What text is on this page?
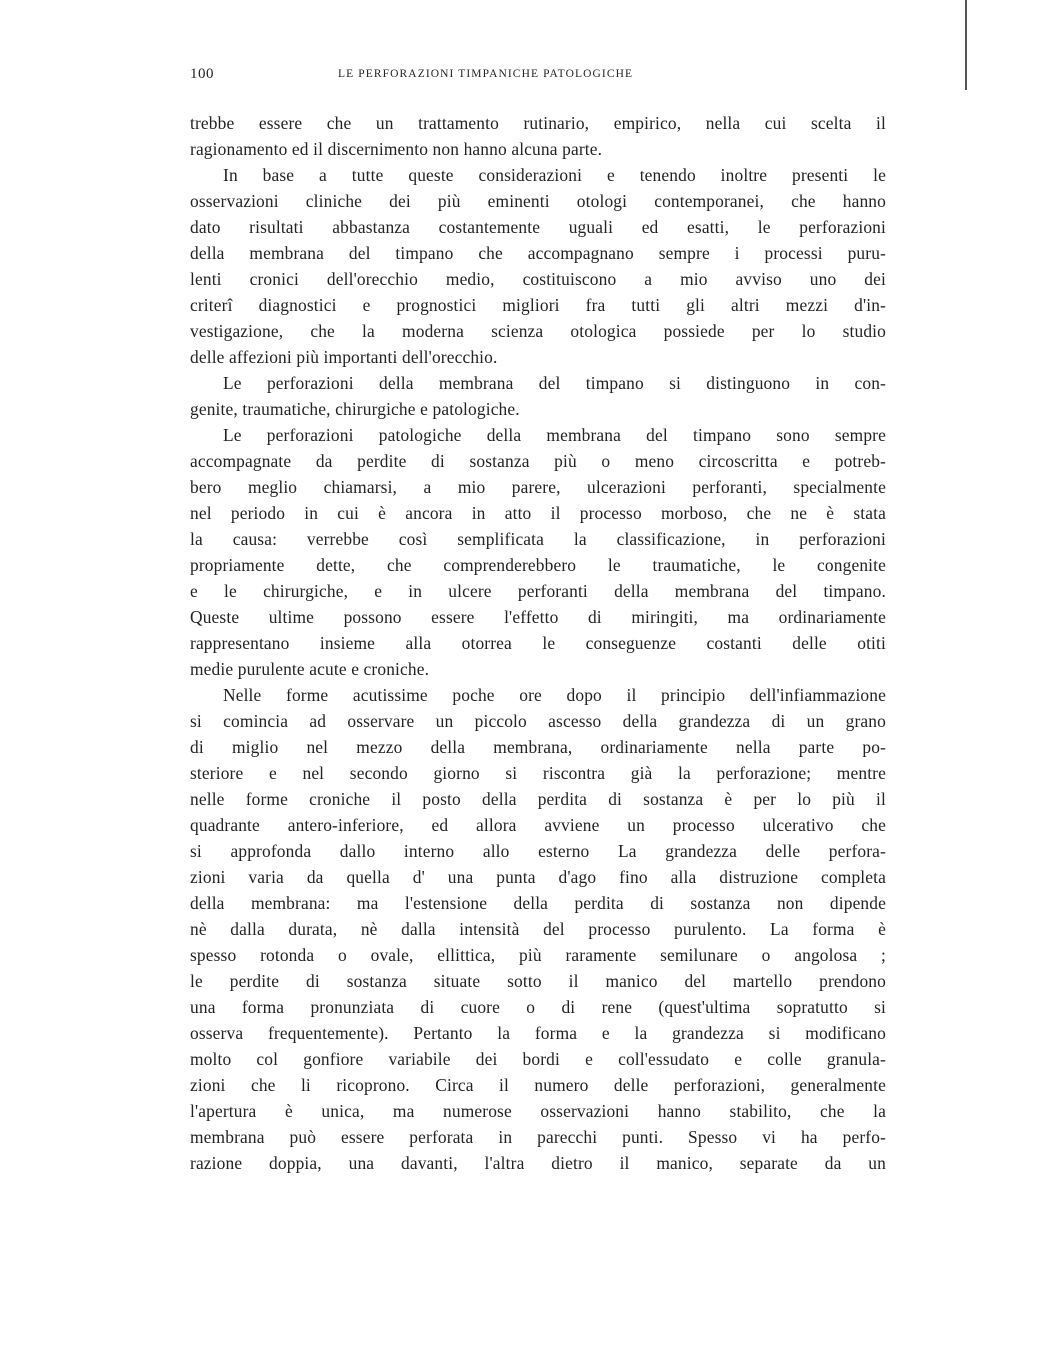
100	LE PERFORAZIONI TIMPANICHE PATOLOGICHE
trebbe essere che un trattamento rutinario, empirico, nella cui scelta il
ragionamento ed il discernimento non hanno alcuna parte.
In base a tutte queste considerazioni e tenendo inoltre presenti le
osservazioni cliniche dei più eminenti otologi contemporanei, che hanno
dato risultati abbastanza costantemente uguali ed esatti, le perforazioni
della membrana del timpano che accompagnano sempre i processi puru-
lenti cronici dell'orecchio medio, costituiscono a mio avviso uno dei
criterî diagnostici e prognostici migliori fra tutti gli altri mezzi d'in-
vestigazione, che la moderna scienza otologica possiede per lo studio
delle affezioni più importanti dell'orecchio.
Le perforazioni della membrana del timpano si distinguono in con-
genite, traumatiche, chirurgiche e patologiche.
Le perforazioni patologiche della membrana del timpano sono sempre
accompagnate da perdite di sostanza più o meno circoscritta e potreb-
bero meglio chiamarsi, a mio parere, ulcerazioni perforanti, specialmente
nel periodo in cui è ancora in atto il processo morboso, che ne è stata
la causa: verrebbe così semplificata la classificazione, in perforazioni
propriamente dette, che comprenderebbero le traumatiche, le congenite
e le chirurgiche, e in ulcere perforanti della membrana del timpano.
Queste ultime possono essere l'effetto di miringiti, ma ordinariamente
rappresentano insieme alla otorrea le conseguenze costanti delle otiti
medie purulente acute e croniche.
Nelle forme acutissime poche ore dopo il principio dell'infiammazione
si comincia ad osservare un piccolo ascesso della grandezza di un grano
di miglio nel mezzo della membrana, ordinariamente nella parte po-
steriore e nel secondo giorno si riscontra già la perforazione; mentre
nelle forme croniche il posto della perdita di sostanza è per lo più il
quadrante antero-inferiore, ed allora avviene un processo ulcerativo che
si approfonda dallo interno allo esterno La grandezza delle perfora-
zioni varia da quella d' una punta d'ago fino alla distruzione completa
della membrana: ma l'estensione della perdita di sostanza non dipende
nè dalla durata, nè dalla intensità del processo purulento. La forma è
spesso rotonda o ovale, ellittica, più raramente semilunare o angolosa ;
le perdite di sostanza situate sotto il manico del martello prendono
una forma pronunziata di cuore o di rene (quest'ultima sopratutto si
osserva frequentemente). Pertanto la forma e la grandezza si modificano
molto col gonfiore variabile dei bordi e coll'essudato e colle granula-
zioni che li ricoprono. Circa il numero delle perforazioni, generalmente
l'apertura è unica, ma numerose osservazioni hanno stabilito, che la
membrana può essere perforata in parecchi punti. Spesso vi ha perfo-
razione doppia, una davanti, l'altra dietro il manico, separate da un
